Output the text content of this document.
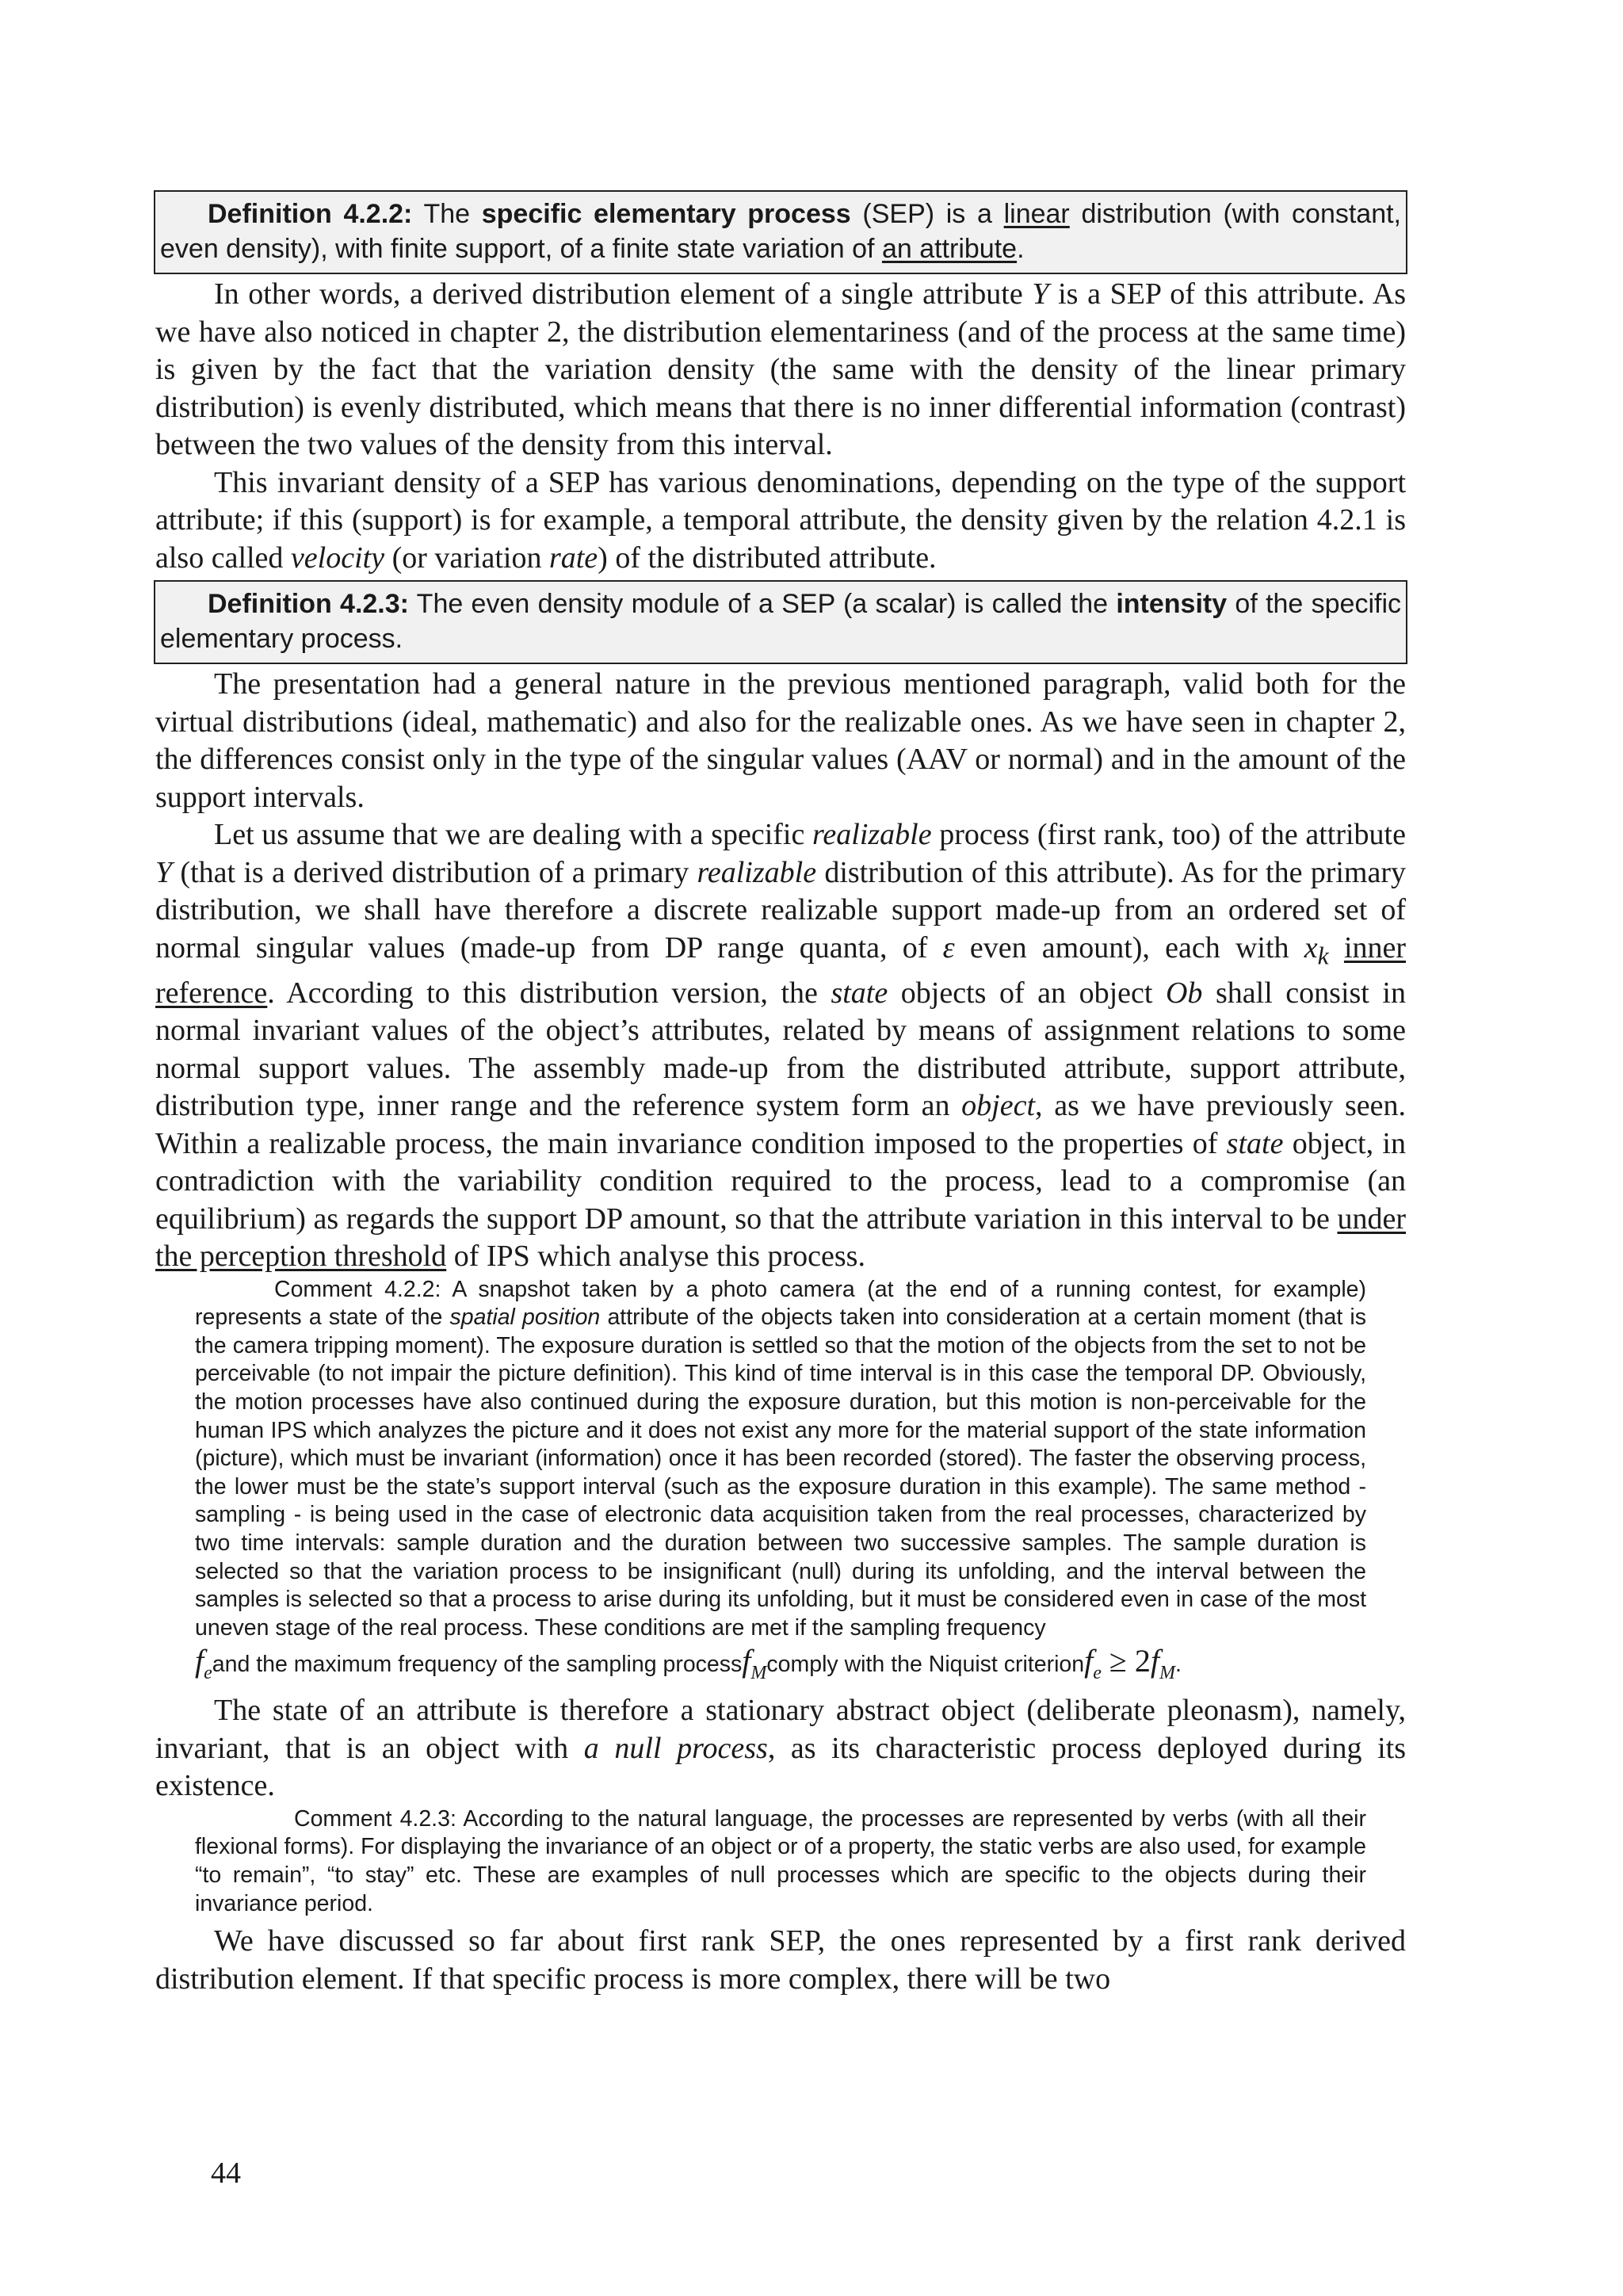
Definition 4.2.2: The specific elementary process (SEP) is a linear distribution (with constant, even density), with finite support, of a finite state variation of an attribute.

In other words, a derived distribution element of a single attribute Y is a SEP of this attribute. As we have also noticed in chapter 2, the distribution elementariness (and of the process at the same time) is given by the fact that the variation density (the same with the density of the linear primary distribution) is evenly distributed, which means that there is no inner differential information (contrast) between the two values of the density from this interval.

This invariant density of a SEP has various denominations, depending on the type of the support attribute; if this (support) is for example, a temporal attribute, the density given by the relation 4.2.1 is also called velocity (or variation rate) of the distributed attribute.

Definition 4.2.3: The even density module of a SEP (a scalar) is called the intensity of the specific elementary process.

The presentation had a general nature in the previous mentioned paragraph, valid both for the virtual distributions (ideal, mathematic) and also for the realizable ones. As we have seen in chapter 2, the differences consist only in the type of the singular values (AAV or normal) and in the amount of the support intervals.

Let us assume that we are dealing with a specific realizable process (first rank, too) of the attribute Y (that is a derived distribution of a primary realizable distribution of this attribute). As for the primary distribution, we shall have therefore a discrete realizable support made-up from an ordered set of normal singular values (made-up from DP range quanta, of ε even amount), each with $x_k$ inner reference. According to this distribution version, the state objects of an object Ob shall consist in normal invariant values of the object’s attributes, related by means of assignment relations to some normal support values. The assembly made-up from the distributed attribute, support attribute, distribution type, inner range and the reference system form an object, as we have previously seen. Within a realizable process, the main invariance condition imposed to the properties of state object, in contradiction with the variability condition required to the process, lead to a compromise (an equilibrium) as regards the support DP amount, so that the attribute variation in this interval to be under the perception threshold of IPS which analyse this process.

Comment 4.2.2: A snapshot taken by a photo camera (at the end of a running contest, for example) represents a state of the spatial position attribute of the objects taken into consideration at a certain moment (that is the camera tripping moment). The exposure duration is settled so that the motion of the objects from the set to not be perceivable (to not impair the picture definition). This kind of time interval is in this case the temporal DP. Obviously, the motion processes have also continued during the exposure duration, but this motion is non-perceivable for the human IPS which analyzes the picture and it does not exist any more for the material support of the state information (picture), which must be invariant (information) once it has been recorded (stored). The faster the observing process, the lower must be the state’s support interval (such as the exposure duration in this example). The same method - sampling - is being used in the case of electronic data acquisition taken from the real processes, characterized by two time intervals: sample duration and the duration between two successive samples. The sample duration is selected so that the variation process to be insignificant (null) during its unfolding, and the interval between the samples is selected so that a process to arise during its unfolding, but it must be considered even in case of the most uneven stage of the real process. These conditions are met if the sampling frequency

$f_e$ and the maximum frequency of the sampling process $f_M$ comply with the Niquist criterion $f_e \ge 2f_M$ .

The state of an attribute is therefore a stationary abstract object (deliberate pleonasm), namely, invariant, that is an object with a null process, as its characteristic process deployed during its existence.

Comment 4.2.3: According to the natural language, the processes are represented by verbs (with all their flexional forms). For displaying the invariance of an object or of a property, the static verbs are also used, for example “to remain”, “to stay” etc. These are examples of null processes which are specific to the objects during their invariance period.

We have discussed so far about first rank SEP, the ones represented by a first rank derived distribution element. If that specific process is more complex, there will be two

44
